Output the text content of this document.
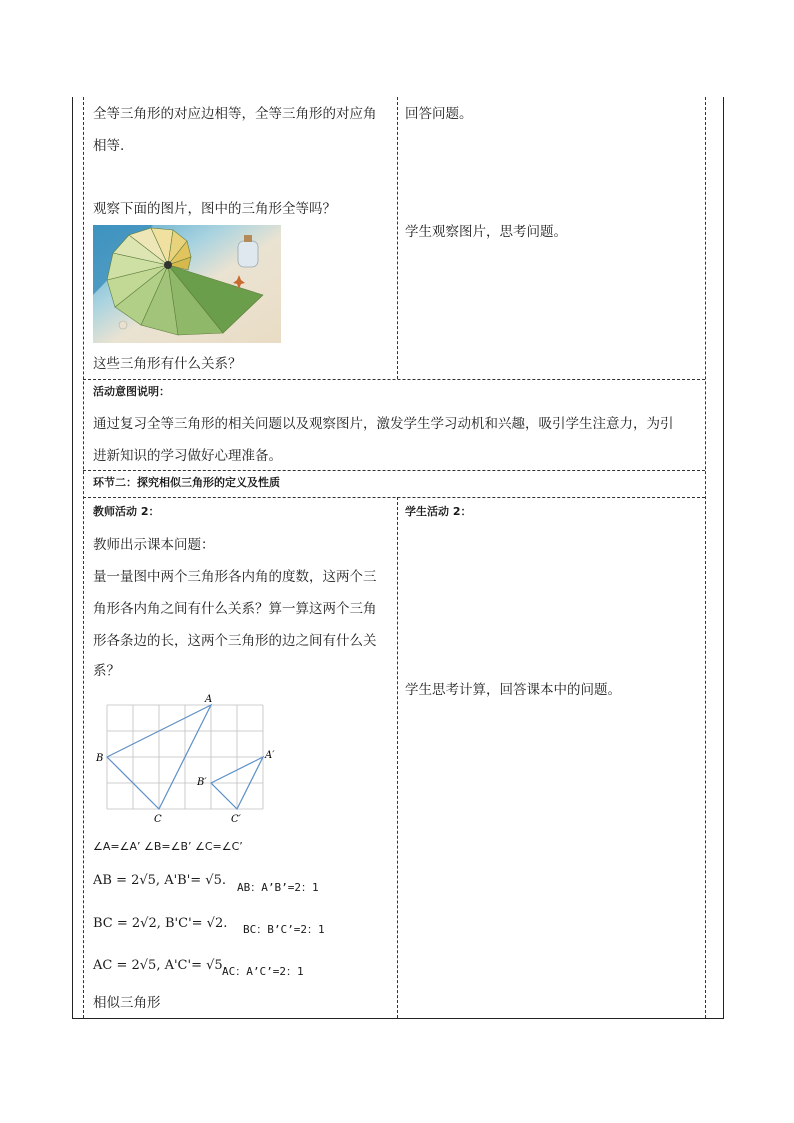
全等三角形的对应边相等，全等三角形的对应角
相等.
观察下面的图片，图中的三角形全等吗？
这些三角形有什么关系？
回答问题。
学生观察图片，思考问题。
活动意图说明：
通过复习全等三角形的相关问题以及观察图片，激发学生学习动机和兴趣，吸引学生注意力，为引
进新知识的学习做好心理准备。
环节二：探究相似三角形的定义及性质
教师活动 2：
教师出示课本问题：
量一量图中两个三角形各内角的度数，这两个三
角形各内角之间有什么关系？算一算这两个三角
形各条边的长，这两个三角形的边之间有什么关
系？
A
B
C
A′
B′
C′
∠A=∠A’ ∠B=∠B’ ∠C=∠C’
AB = 2√5, A'B'= √5. AB：A’B’=2：1
BC = 2√2, B'C'= √2. BC：B’C’=2：1
AC = 2√5, A'C'= √5.
AC：A’C’=2：1
相似三角形
学生活动 2：
学生思考计算，回答课本中的问题。
